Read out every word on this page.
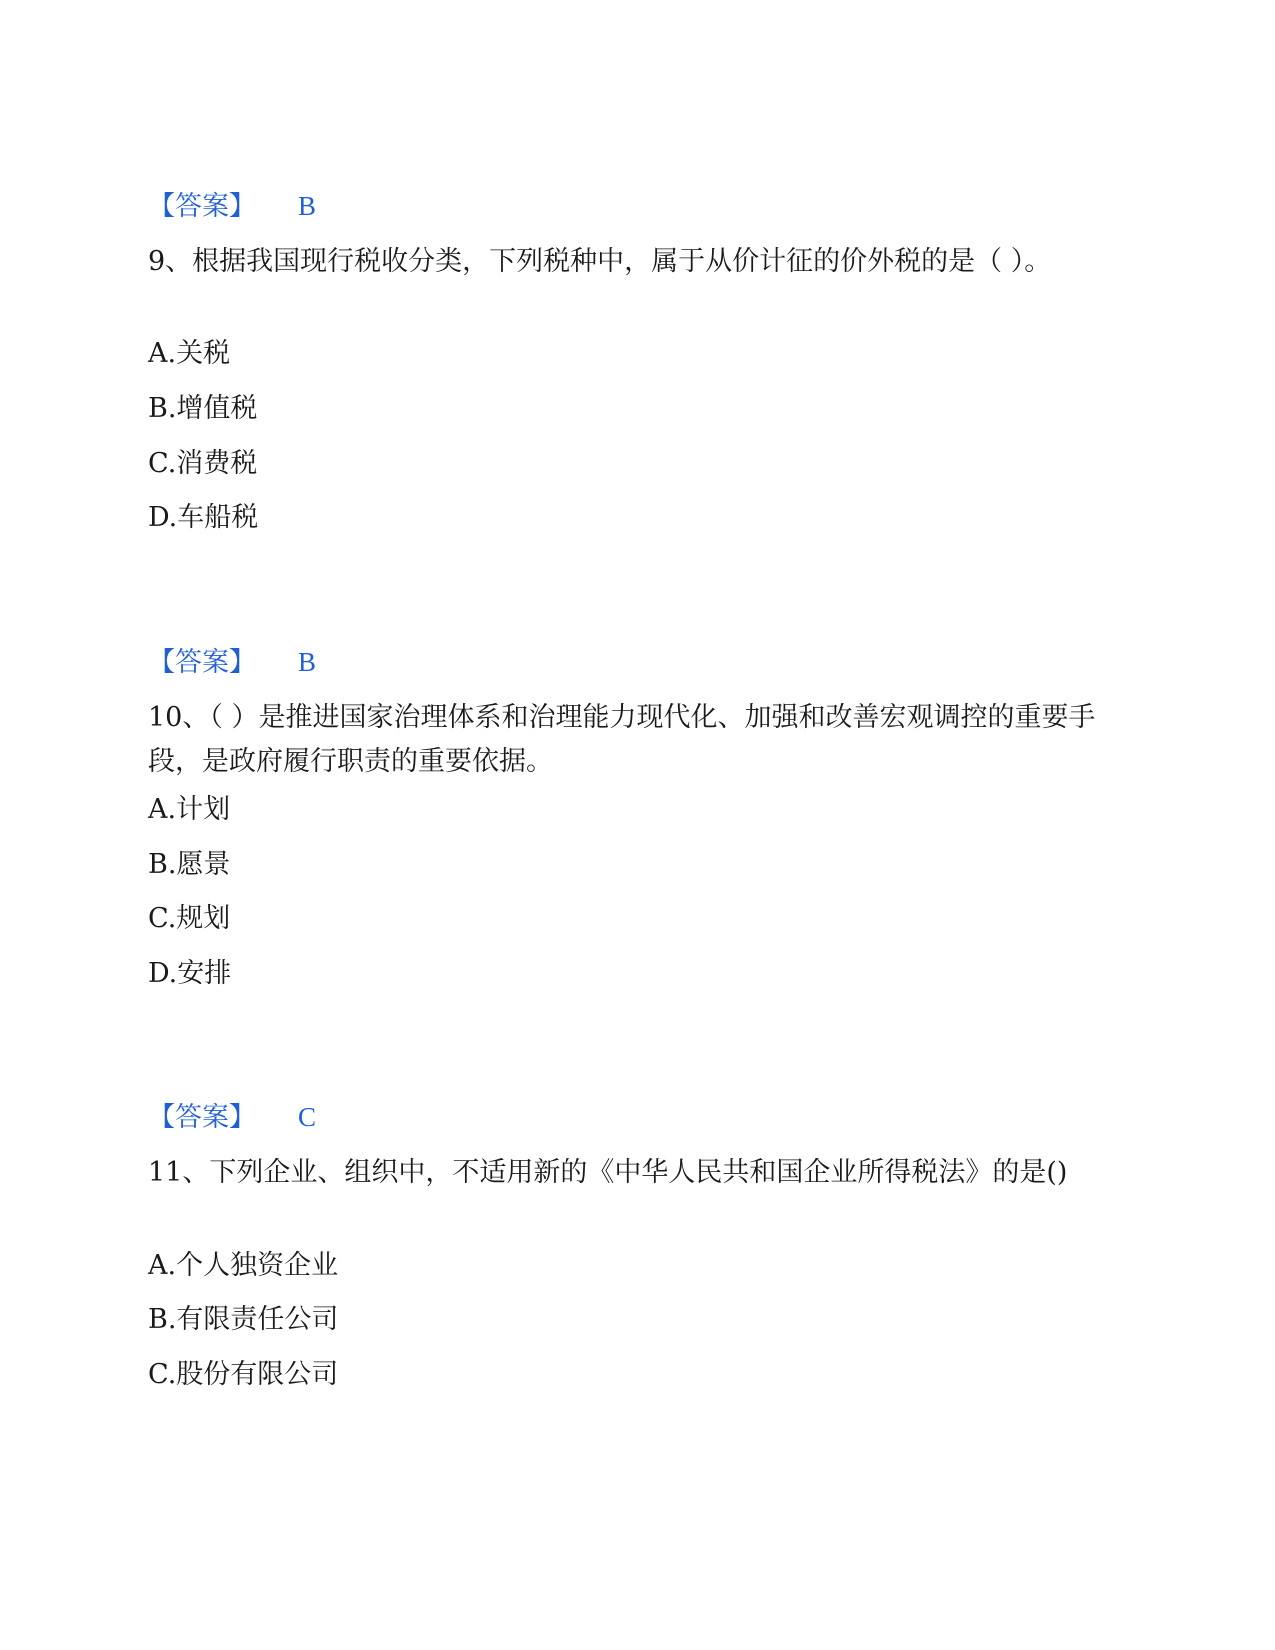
【答案】 B
9、根据我国现行税收分类，下列税种中，属于从价计征的价外税的是（ ）。
A.关税
B.增值税
C.消费税
D.车船税
【答案】 B
10、（ ）是推进国家治理体系和治理能力现代化、加强和改善宏观调控的重要手段，是政府履行职责的重要依据。
A.计划
B.愿景
C.规划
D.安排
【答案】 C
11、下列企业、组织中，不适用新的《中华人民共和国企业所得税法》的是()
A.个人独资企业
B.有限责任公司
C.股份有限公司
